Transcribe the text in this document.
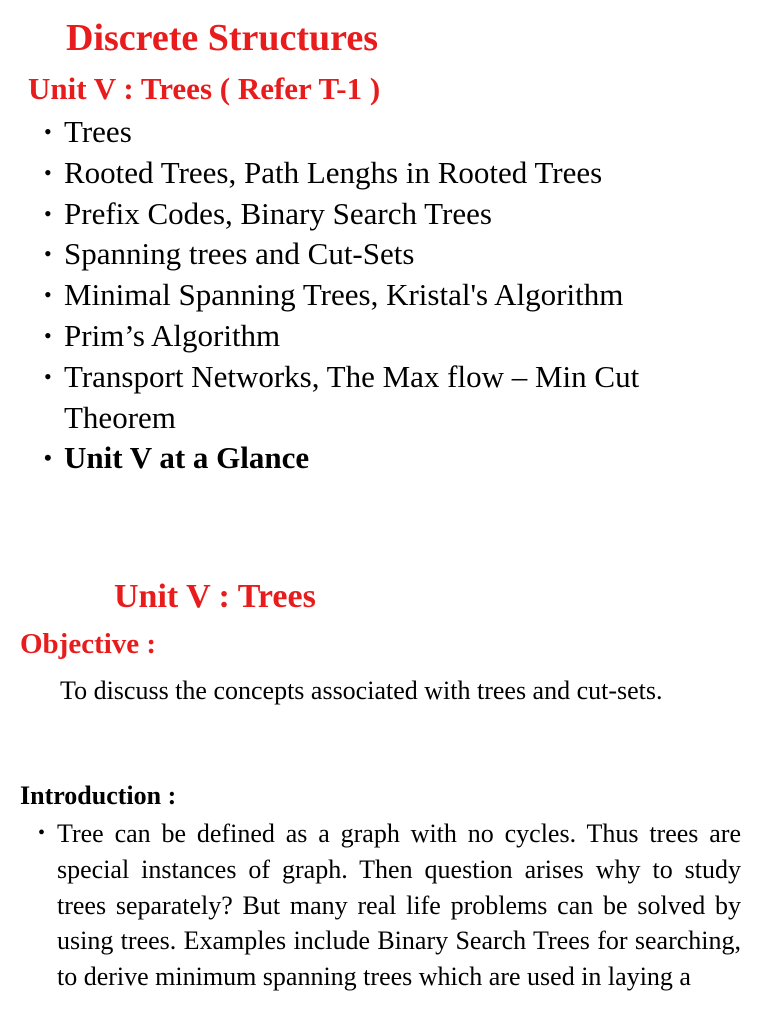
Discrete Structures
Unit V : Trees ( Refer T-1 )
• Trees
• Rooted Trees, Path Lenghs in Rooted Trees
• Prefix Codes, Binary Search Trees
• Spanning trees and Cut-Sets
• Minimal Spanning Trees, Kristal's Algorithm
• Prim’s Algorithm
• Transport Networks, The Max flow – Min Cut Theorem
• Unit V at a Glance
Unit V : Trees
Objective :
To discuss the concepts associated with trees and cut-sets.
Introduction :
• Tree can be defined as a graph with no cycles. Thus trees are special instances of graph. Then question arises why to study trees separately? But many real life problems can be solved by using trees. Examples include Binary Search Trees for searching, to derive minimum spanning trees which are used in laying a
